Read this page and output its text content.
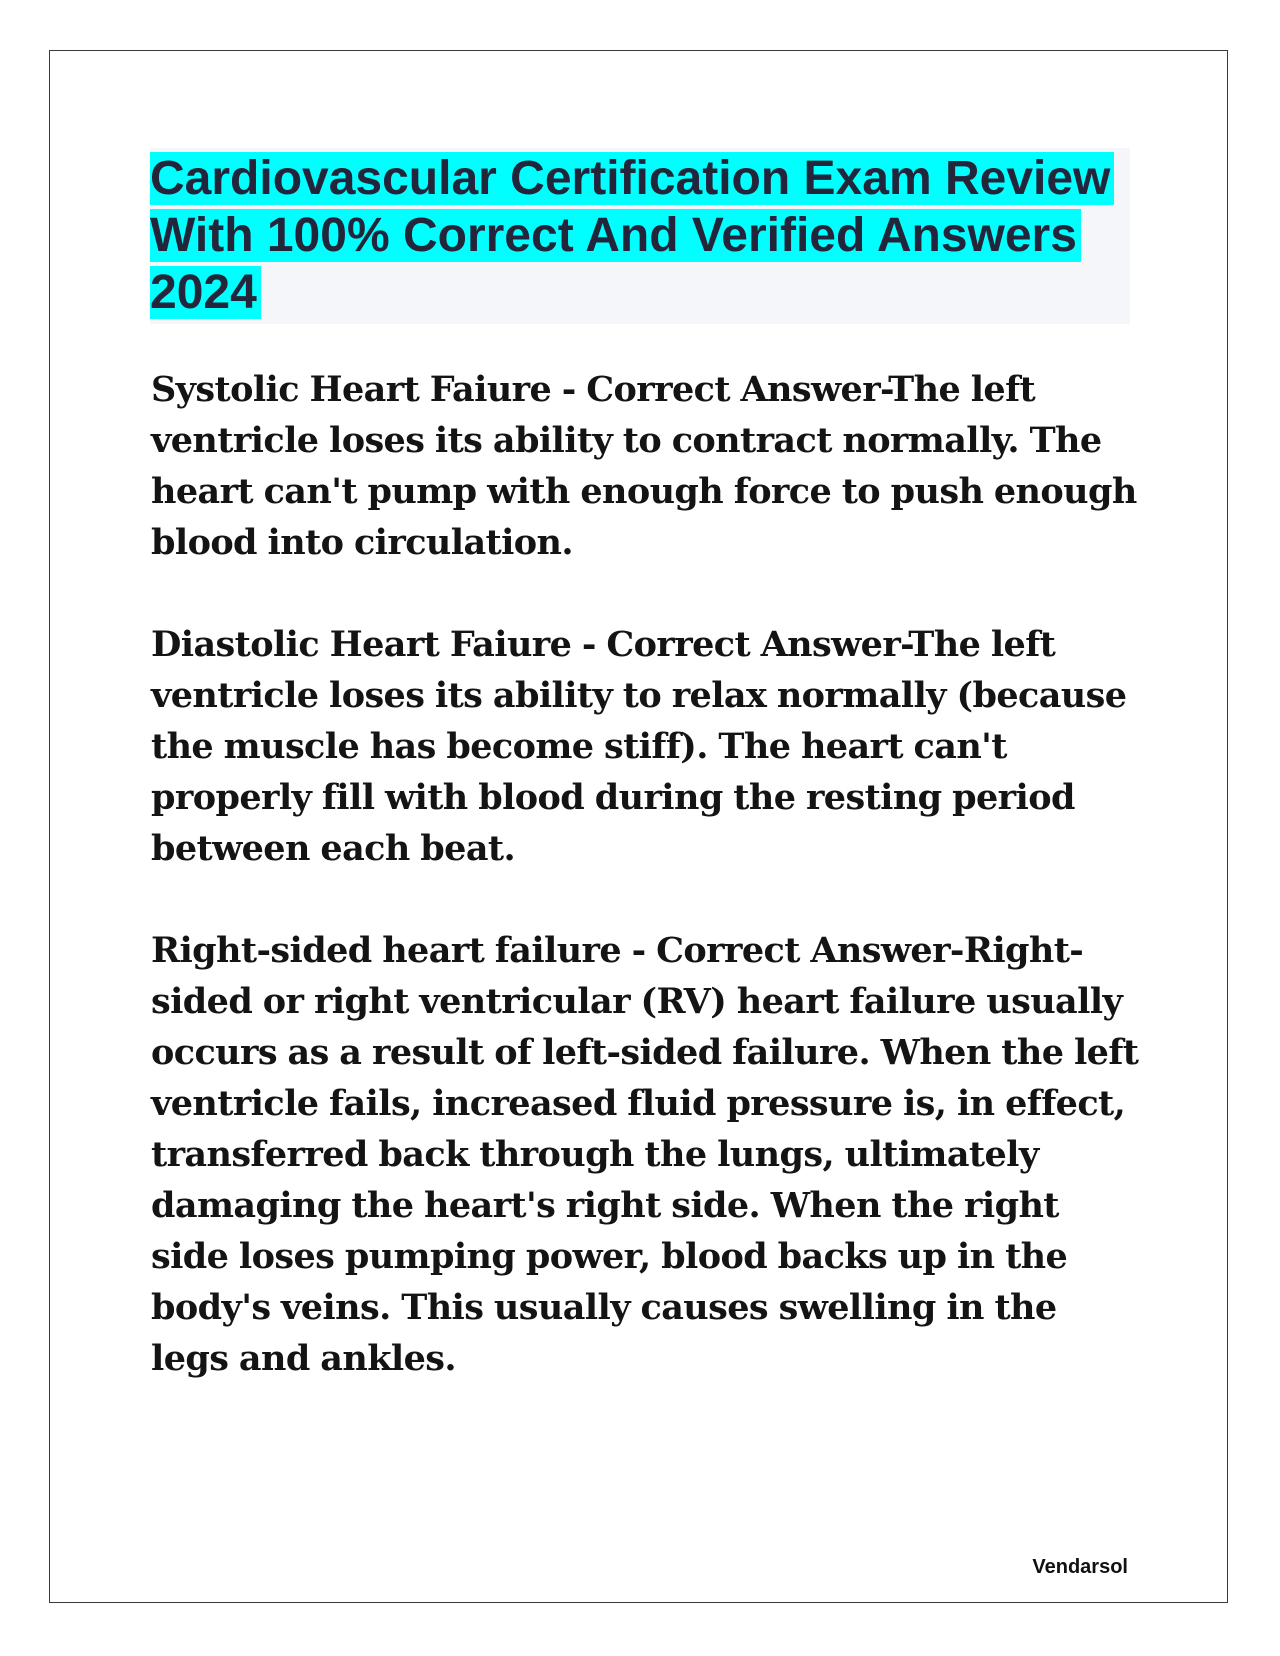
Cardiovascular Certification Exam Review With 100% Correct And Verified Answers 2024

Systolic Heart Faiure - Correct Answer-The left ventricle loses its ability to contract normally. The heart can't pump with enough force to push enough blood into circulation.

Diastolic Heart Faiure - Correct Answer-The left ventricle loses its ability to relax normally (because the muscle has become stiff). The heart can't properly fill with blood during the resting period between each beat.

Right-sided heart failure - Correct Answer-Right-sided or right ventricular (RV) heart failure usually occurs as a result of left-sided failure. When the left ventricle fails, increased fluid pressure is, in effect, transferred back through the lungs, ultimately damaging the heart's right side. When the right side loses pumping power, blood backs up in the body's veins. This usually causes swelling in the legs and ankles.

Vendarsol
